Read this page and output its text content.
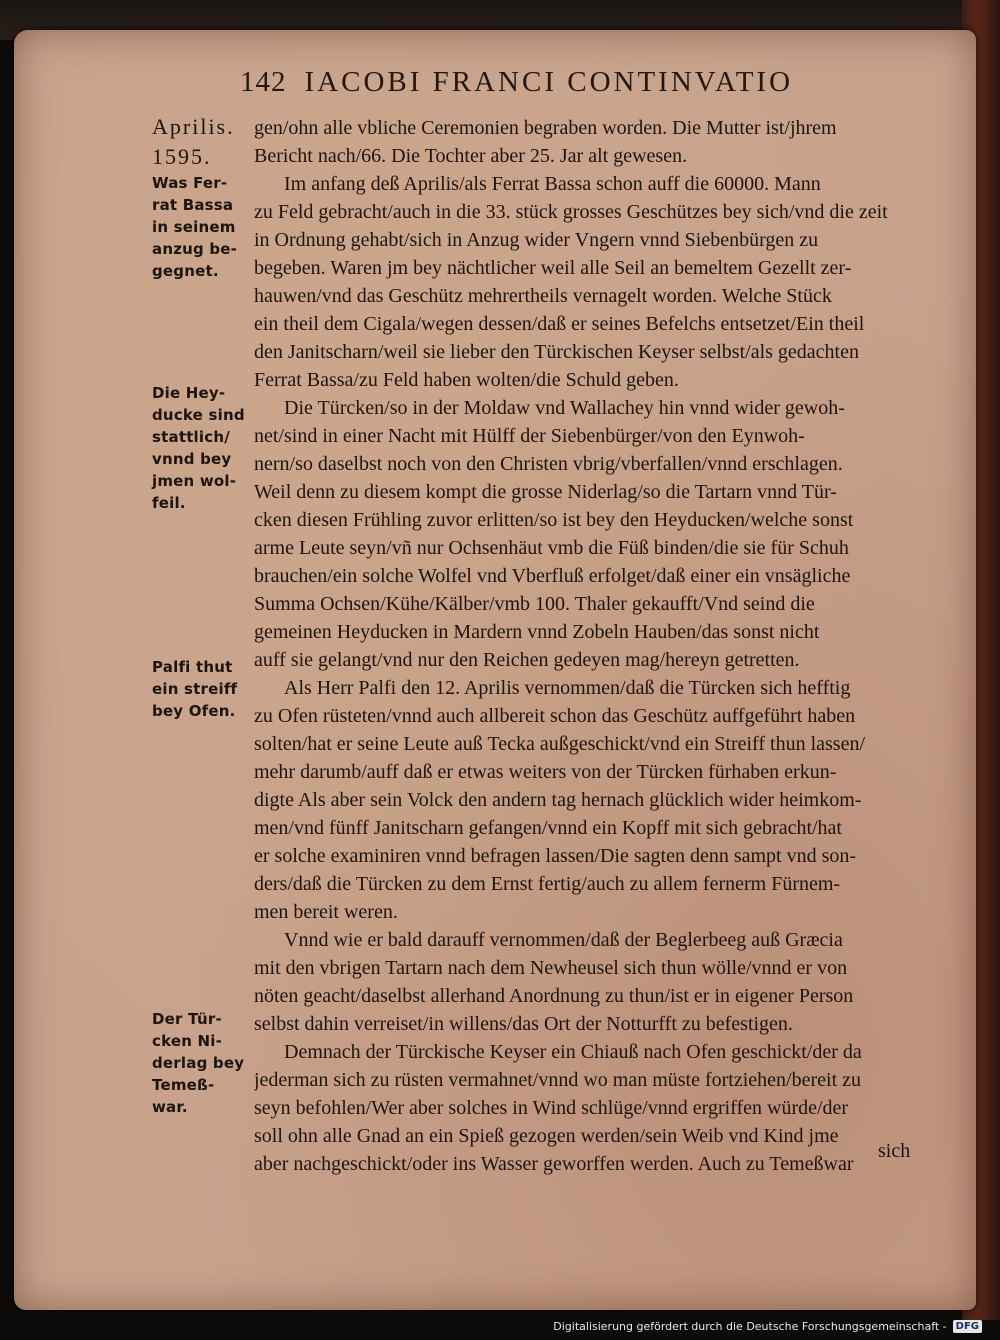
142 IACOBI FRANCI CONTINVATIO
Aprilis.
1595.
Was Fer-
rat Bassa
in seinem
anzug be-
gegnet.
Die Hey-
ducke sind
stattlich/
vnnd bey
jmen wol-
feil.
Palfi thut
ein streiff
bey Ofen.
Der Tür-
cken Ni-
derlag bey
Temeß-
war.
gen/ohn alle vbliche Ceremonien begraben worden. Die Mutter ist/jhrem
Bericht nach/66. Die Tochter aber 25. Jar alt gewesen.
Im anfang deß Aprilis/als Ferrat Bassa schon auff die 60000. Mann
zu Feld gebracht/auch in die 33. stück grosses Geschützes bey sich/vnd die zeit
in Ordnung gehabt/sich in Anzug wider Vngern vnnd Siebenbürgen zu
begeben. Waren jm bey nächtlicher weil alle Seil an bemeltem Gezellt zer-
hauwen/vnd das Geschütz mehrertheils vernagelt worden. Welche Stück
ein theil dem Cigala/wegen dessen/daß er seines Befelchs entsetzet/Ein theil
den Janitscharn/weil sie lieber den Türckischen Keyser selbst/als gedachten
Ferrat Bassa/zu Feld haben wolten/die Schuld geben.
Die Türcken/so in der Moldaw vnd Wallachey hin vnnd wider gewoh-
net/sind in einer Nacht mit Hülff der Siebenbürger/von den Eynwoh-
nern/so daselbst noch von den Christen vbrig/vberfallen/vnnd erschlagen.
Weil denn zu diesem kompt die grosse Niderlag/so die Tartarn vnnd Tür-
cken diesen Frühling zuvor erlitten/so ist bey den Heyducken/welche sonst
arme Leute seyn/vñ nur Ochsenhäut vmb die Füß binden/die sie für Schuh
brauchen/ein solche Wolfel vnd Vberfluß erfolget/daß einer ein vnsägliche
Summa Ochsen/Kühe/Kälber/vmb 100. Thaler gekaufft/Vnd seind die
gemeinen Heyducken in Mardern vnnd Zobeln Hauben/das sonst nicht
auff sie gelangt/vnd nur den Reichen gedeyen mag/hereyn getretten.
Als Herr Palfi den 12. Aprilis vernommen/daß die Türcken sich hefftig
zu Ofen rüsteten/vnnd auch allbereit schon das Geschütz auffgeführt haben
solten/hat er seine Leute auß Tecka außgeschickt/vnd ein Streiff thun lassen/
mehr darumb/auff daß er etwas weiters von der Türcken fürhaben erkun-
digte Als aber sein Volck den andern tag hernach glücklich wider heimkom-
men/vnd fünff Janitscharn gefangen/vnnd ein Kopff mit sich gebracht/hat
er solche examiniren vnnd befragen lassen/Die sagten denn sampt vnd son-
ders/daß die Türcken zu dem Ernst fertig/auch zu allem fernerm Fürnem-
men bereit weren.
Vnnd wie er bald darauff vernommen/daß der Beglerbeeg auß Græcia
mit den vbrigen Tartarn nach dem Newheusel sich thun wölle/vnnd er von
nöten geacht/daselbst allerhand Anordnung zu thun/ist er in eigener Person
selbst dahin verreiset/in willens/das Ort der Notturfft zu befestigen.
Demnach der Türckische Keyser ein Chiauß nach Ofen geschickt/der da
jederman sich zu rüsten vermahnet/vnnd wo man müste fortziehen/bereit zu
seyn befohlen/Wer aber solches in Wind schlüge/vnnd ergriffen würde/der
soll ohn alle Gnad an ein Spieß gezogen werden/sein Weib vnd Kind jme
aber nachgeschickt/oder ins Wasser geworffen werden. Auch zu Temeßwar
sich
Digitalisierung gefördert durch die Deutsche Forschungsgemeinschaft - DFG
